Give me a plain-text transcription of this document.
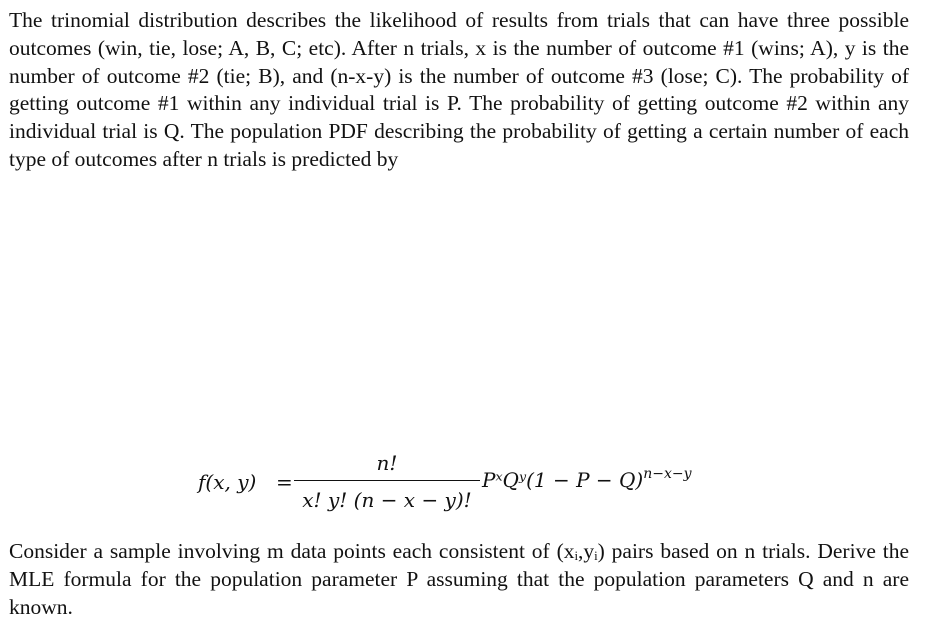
The trinomial distribution describes the likelihood of results from trials that can have three possible outcomes (win, tie, lose; A, B, C; etc). After n trials, x is the number of outcome #1 (wins; A), y is the number of outcome #2 (tie; B), and (n-x-y) is the number of outcome #3 (lose; C). The probability of getting outcome #1 within any individual trial is P. The probability of getting outcome #2 within any individual trial is Q. The population PDF describing the probability of getting a certain number of each type of outcomes after n trials is predicted by

f(x, y) =
n!
x! y! (n − x − y)!
PˣQʸ(1 − P − Q)$^{n-x-y}$

Consider a sample involving m data points each consistent of (xᵢ,yᵢ) pairs based on n trials. Derive the MLE formula for the population parameter P assuming that the population parameters Q and n are known.
